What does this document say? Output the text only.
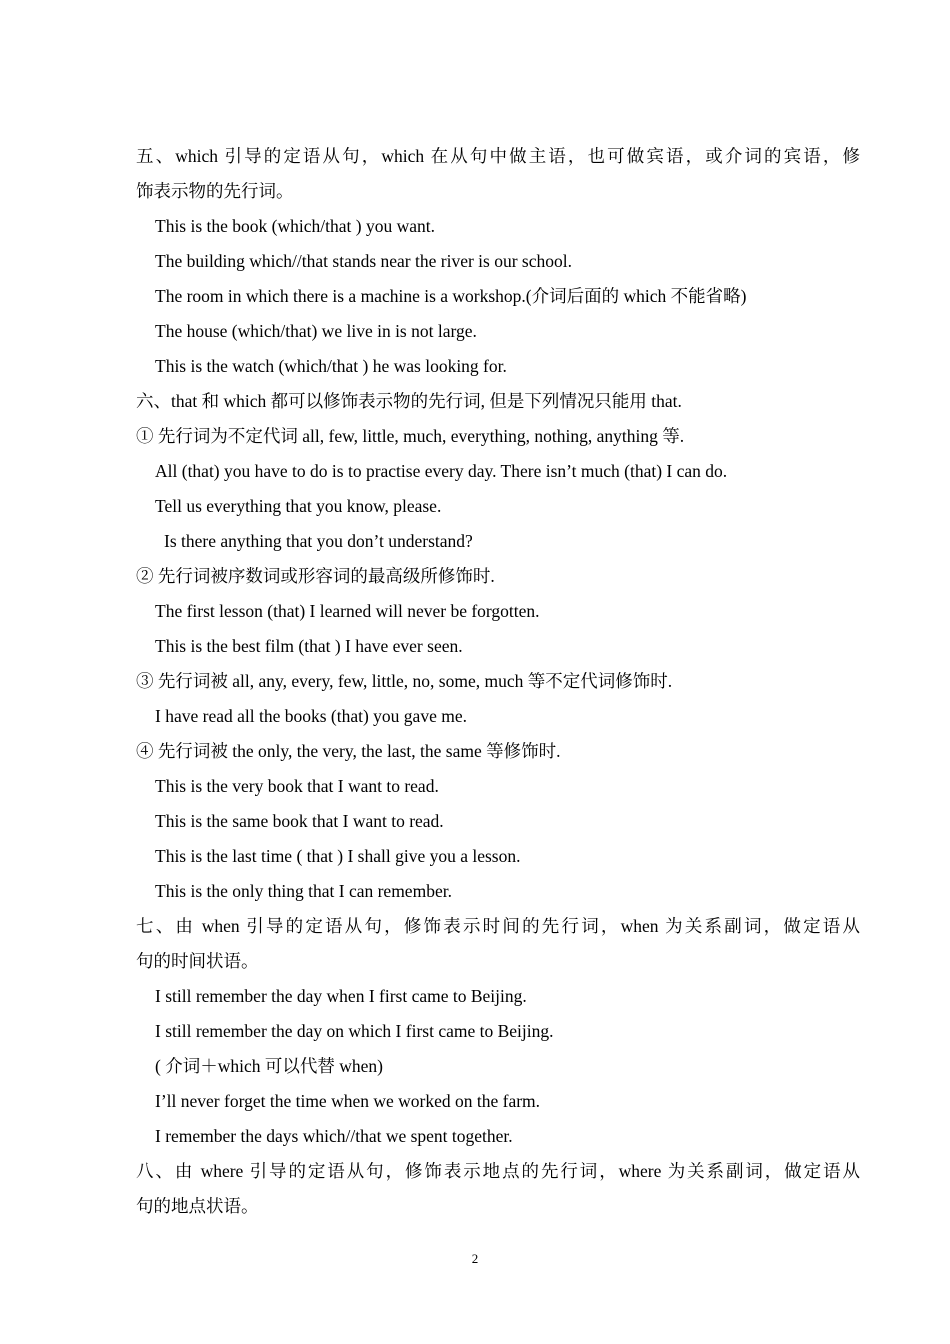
五、which 引导的定语从句，which 在从句中做主语，也可做宾语，或介词的宾语，修
饰表示物的先行词。
This is the book (which/that ) you want.
The building which//that stands near the river is our school.
The room in which there is a machine is a workshop.(介词后面的 which 不能省略)
The house (which/that) we live in is not large.
This is the watch (which/that ) he was looking for.
六、that 和 which 都可以修饰表示物的先行词, 但是下列情况只能用 that.
① 先行词为不定代词 all, few, little, much, everything, nothing, anything 等.
All (that) you have to do is to practise every day. There isn’t much (that) I can do.
Tell us everything that you know, please.
Is there anything that you don’t understand?
② 先行词被序数词或形容词的最高级所修饰时.
The first lesson (that) I learned will never be forgotten.
This is the best film (that ) I have ever seen.
③ 先行词被 all, any, every, few, little, no, some, much 等不定代词修饰时.
I have read all the books (that) you gave me.
④ 先行词被 the only, the very, the last, the same 等修饰时.
This is the very book that I want to read.
This is the same book that I want to read.
This is the last time ( that ) I shall give you a lesson.
This is the only thing that I can remember.
七、由 when 引导的定语从句，修饰表示时间的先行词，when 为关系副词，做定语从
句的时间状语。
I still remember the day when I first came to Beijing.
I still remember the day on which I first came to Beijing.
( 介词＋which 可以代替 when)
I’ll never forget the time when we worked on the farm.
I remember the days which//that we spent together.
八、由 where 引导的定语从句，修饰表示地点的先行词，where 为关系副词，做定语从
句的地点状语。
2
